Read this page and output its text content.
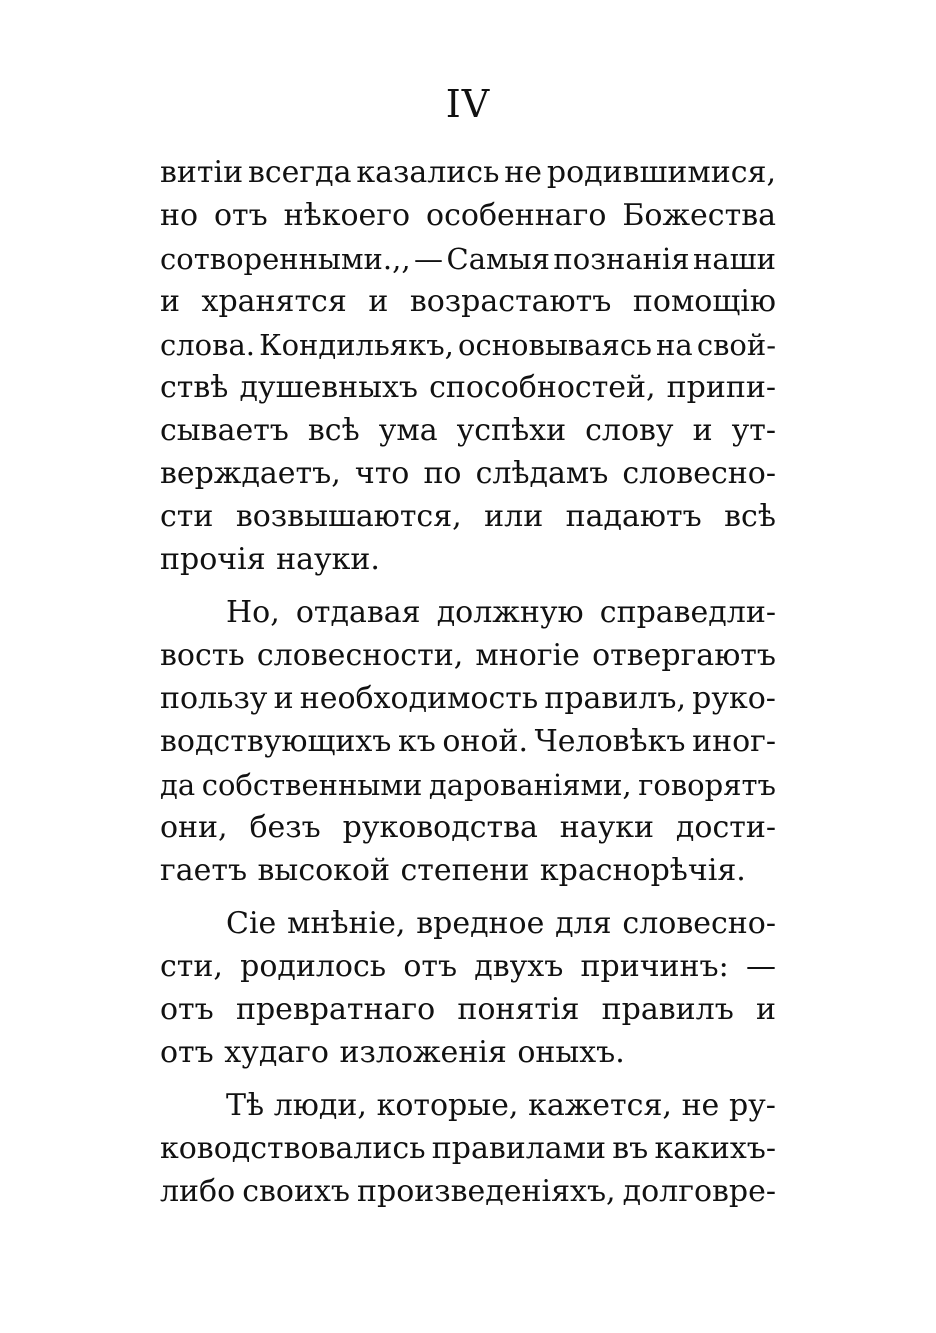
IV
витіи всегда казались не родившимися,
но отъ нѣкоего особеннаго Божества
сотворенными.,, — Самыя познанія наши
и хранятся и возрастаютъ помощію
слова. Кондильякъ, основываясь на свой-
ствѣ душевныхъ способностей, припи-
сываетъ всѣ ума успѣхи слову и ут-
верждаетъ, что по слѣдамъ словесно-
сти возвышаются, или падаютъ всѣ
прочія науки.
Но, отдавая должную справедли-
вость словесности, многіе отвергаютъ
пользу и необходимость правилъ, руко-
водствующихъ къ оной. Человѣкъ иног-
да собственными дарованіями, говорятъ
они, безъ руководства науки дости-
гаетъ высокой степени краснорѣчія.
Сіе мнѣніе, вредное для словесно-
сти, родилось отъ двухъ причинъ: —
отъ превратнаго понятія правилъ и
отъ худаго изложенія оныхъ.
Тѣ люди, которые, кажется, не ру-
ководствовались правилами въ какихъ-
либо своихъ произведеніяхъ, долговре-
